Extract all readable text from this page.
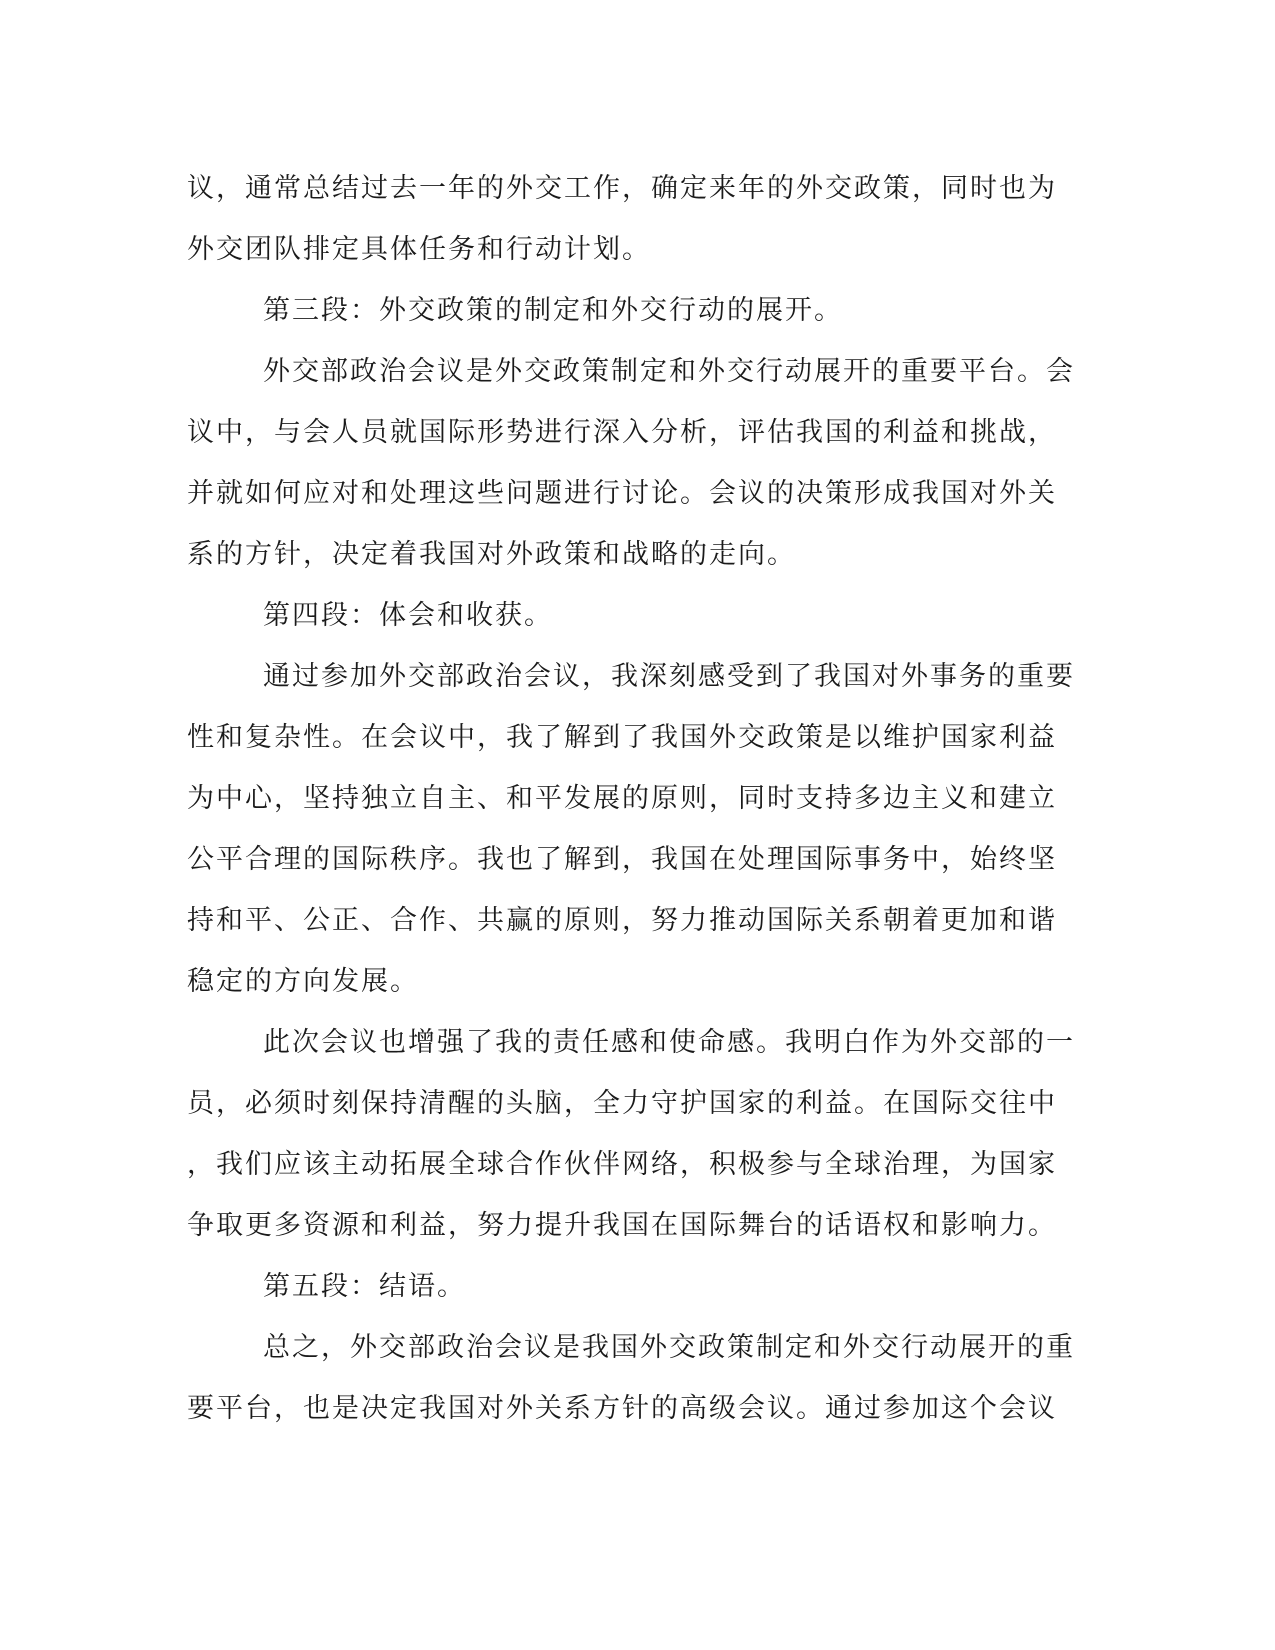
议，通常总结过去一年的外交工作，确定来年的外交政策，同时也为
外交团队排定具体任务和行动计划。
第三段：外交政策的制定和外交行动的展开。
外交部政治会议是外交政策制定和外交行动展开的重要平台。会
议中，与会人员就国际形势进行深入分析，评估我国的利益和挑战，
并就如何应对和处理这些问题进行讨论。会议的决策形成我国对外关
系的方针，决定着我国对外政策和战略的走向。
第四段：体会和收获。
通过参加外交部政治会议，我深刻感受到了我国对外事务的重要
性和复杂性。在会议中，我了解到了我国外交政策是以维护国家利益
为中心，坚持独立自主、和平发展的原则，同时支持多边主义和建立
公平合理的国际秩序。我也了解到，我国在处理国际事务中，始终坚
持和平、公正、合作、共赢的原则，努力推动国际关系朝着更加和谐
稳定的方向发展。
此次会议也增强了我的责任感和使命感。我明白作为外交部的一
员，必须时刻保持清醒的头脑，全力守护国家的利益。在国际交往中
，我们应该主动拓展全球合作伙伴网络，积极参与全球治理，为国家
争取更多资源和利益，努力提升我国在国际舞台的话语权和影响力。
第五段：结语。
总之，外交部政治会议是我国外交政策制定和外交行动展开的重
要平台，也是决定我国对外关系方针的高级会议。通过参加这个会议
